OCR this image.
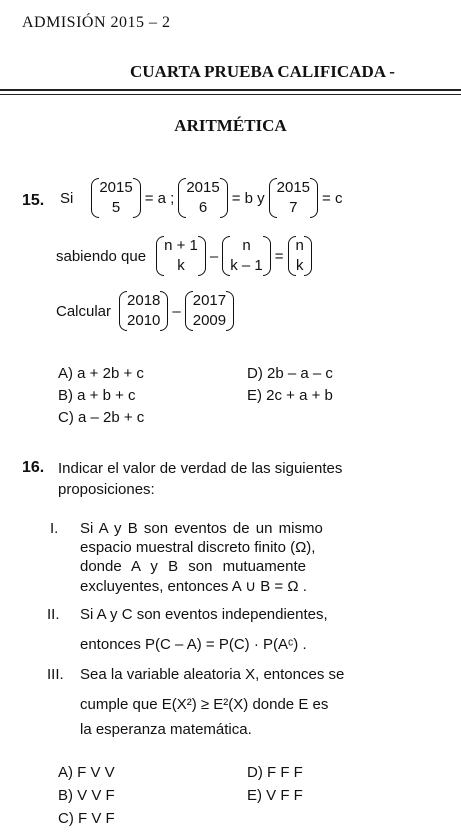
ADMISIÓN 2015 – 2
CUARTA PRUEBA CALIFICADA -
ARITMÉTICA
15. Si
2015
5
= a ;
2015
6
= b y
2015
7
= c
sabiendo que
n + 1
k
–
n
k – 1
=
n
k
Calcular
2018
2010
–
2017
2009
A) a + 2b + c
B) a + b + c
C) a – 2b + c
D) 2b – a – c
E) 2c + a + b
16. Indicar el valor de verdad de las siguientes
proposiciones:
I. Si A y B son eventos de un mismo
espacio muestral discreto finito (Ω),
donde A y B son mutuamente
excluyentes, entonces A ∪ B = Ω .
II. Si A y C son eventos independientes,
entonces P(C – A) = P(C) · P(Aᶜ) .
III. Sea la variable aleatoria X, entonces se
cumple que E(X²) ≥ E²(X) donde E es
la esperanza matemática.
A) F V V
B) V V F
C) F V F
D) F F F
E) V F F
